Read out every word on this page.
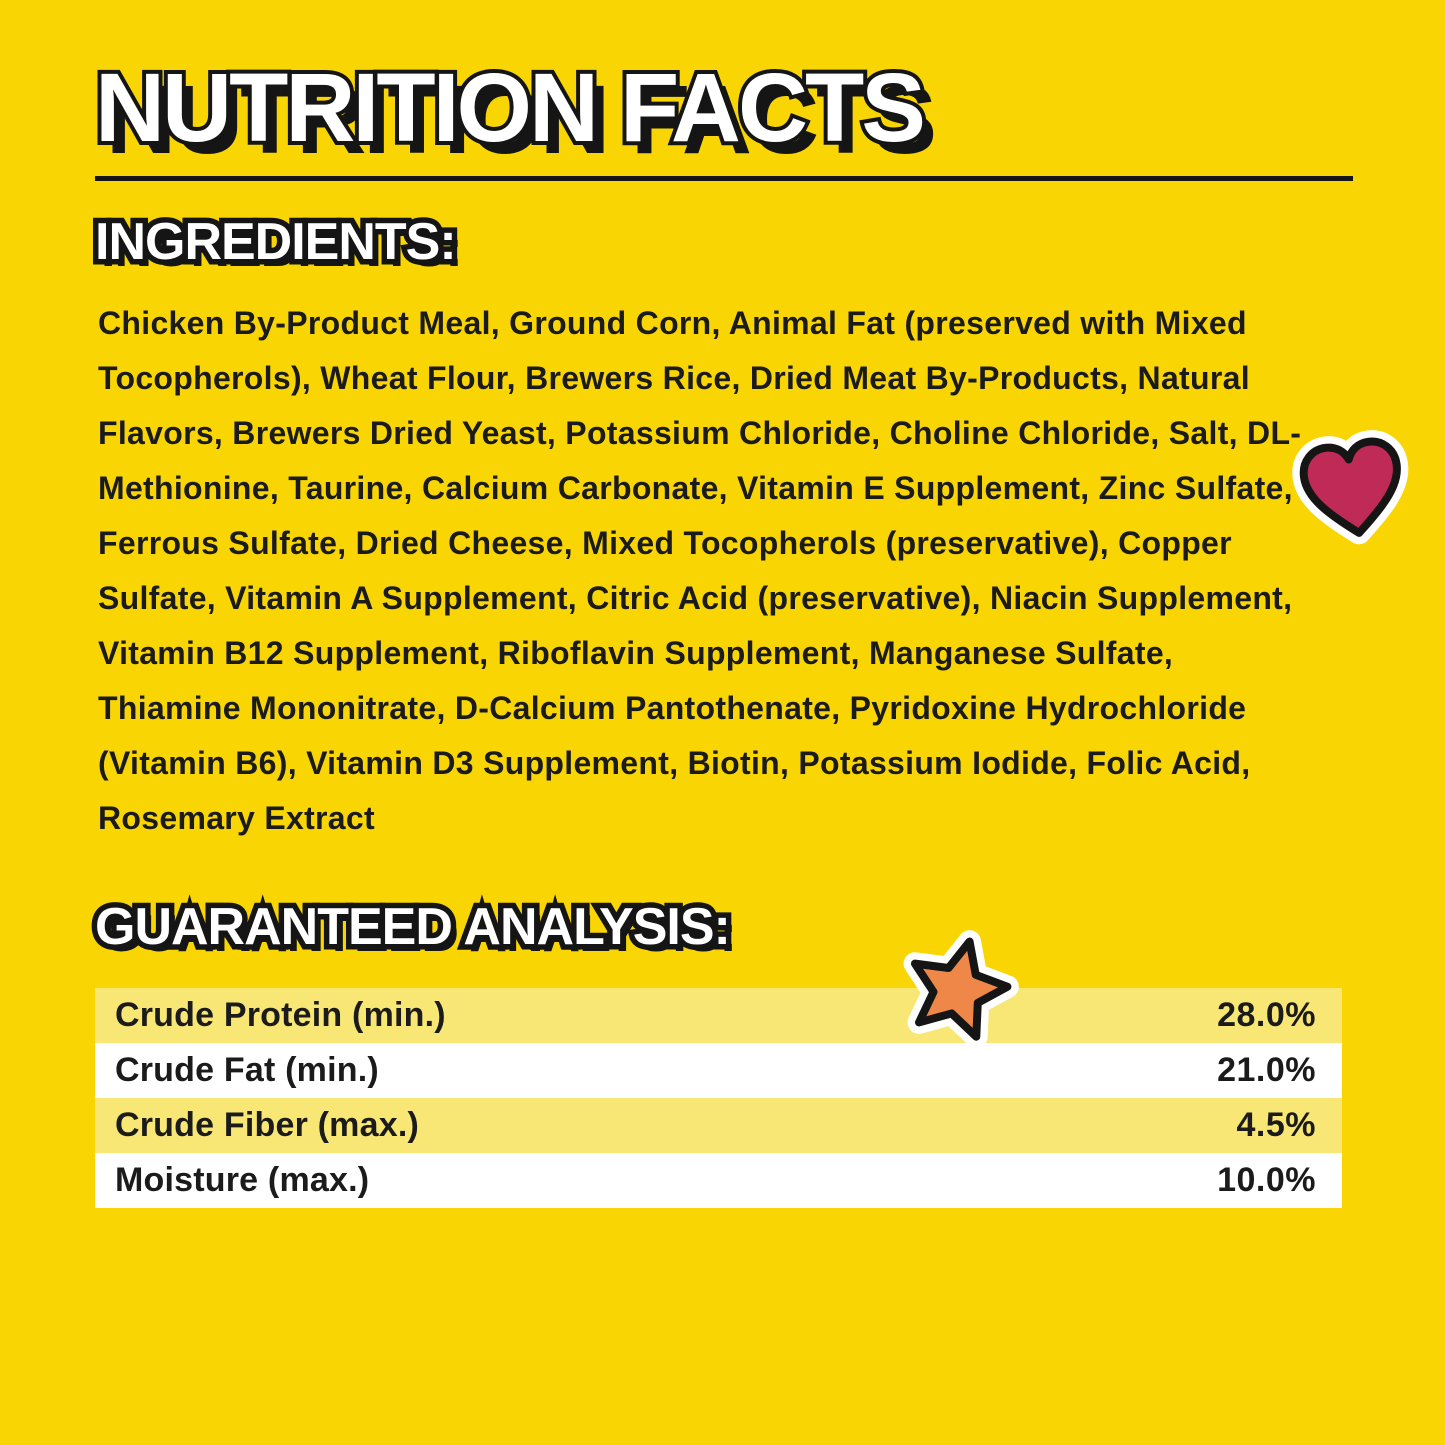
NUTRITION FACTS NUTRITION FACTS
INGREDIENTS: INGREDIENTS:

Chicken By-Product Meal, Ground Corn, Animal Fat (preserved with Mixed Tocopherols), Wheat Flour, Brewers Rice, Dried Meat By-Products, Natural Flavors, Brewers Dried Yeast, Potassium Chloride, Choline Chloride, Salt, DL-Methionine, Taurine, Calcium Carbonate, Vitamin E Supplement, Zinc Sulfate, Ferrous Sulfate, Dried Cheese, Mixed Tocopherols (preservative), Copper Sulfate, Vitamin A Supplement, Citric Acid (preservative), Niacin Supplement, Vitamin B12 Supplement, Riboflavin Supplement, Manganese Sulfate, Thiamine Mononitrate, D-Calcium Pantothenate, Pyridoxine Hydrochloride (Vitamin B6), Vitamin D3 Supplement, Biotin, Potassium Iodide, Folic Acid, Rosemary Extract

GUARANTEED ANALYSIS: GUARANTEED ANALYSIS:
Crude Protein (min.)	28.0%
Crude Fat (min.)	21.0%
Crude Fiber (max.)	4.5%
Moisture (max.)	10.0%
